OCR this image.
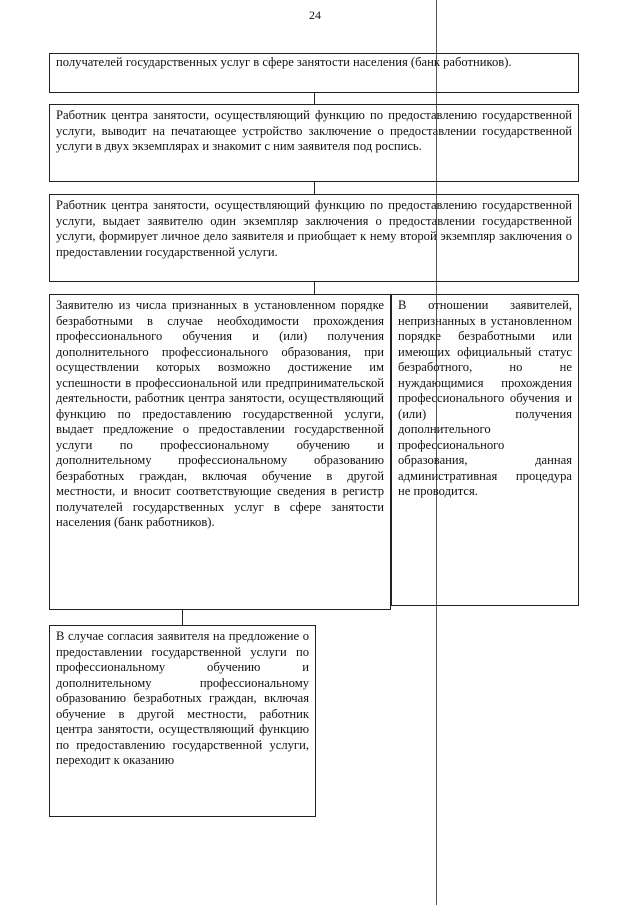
24
получателей государственных услуг в сфере занятости населения (банк работников).
Работник центра занятости, осуществляющий функцию по предоставлению государственной услуги, выводит на печатающее устройство заключение о предоставлении государственной услуги в двух экземплярах и знакомит с ним заявителя под роспись.
Работник центра занятости, осуществляющий функцию по предоставлению государственной услуги, выдает заявителю один экземпляр заключения о предоставлении государственной услуги, формирует личное дело заявителя и приобщает к нему второй экземпляр заключения о предоставлении государственной услуги.
Заявителю из числа признанных в установленном порядке безработными в случае необходимости прохождения профессионального обучения и (или) получения дополнительного профессионального образования, при осуществлении которых возможно достижение им успешности в профессиональной или предпринимательской деятельности, работник центра занятости, осуществляющий функцию по предоставлению государственной услуги, выдает предложение о предоставлении государственной услуги по профессиональному обучению и дополнительному профессиональному образованию безработных граждан, включая обучение в другой местности, и вносит соответствующие сведения в регистр получателей государственных услуг в сфере занятости населения (банк работников).
В отношении заявителей, непризнанных в установленном порядке безработными или имеющих официальный статус безработного, но не нуждающимися прохождения профессионального обучения и (или) получения дополнительного профессионального образования, данная административная процедура не проводится.
В случае согласия заявителя на предложение о предоставлении государственной услуги по профессиональному обучению и дополнительному профессиональному образованию безработных граждан, включая обучение в другой местности, работник центра занятости, осуществляющий функцию по предоставлению государственной услуги, переходит к оказанию
